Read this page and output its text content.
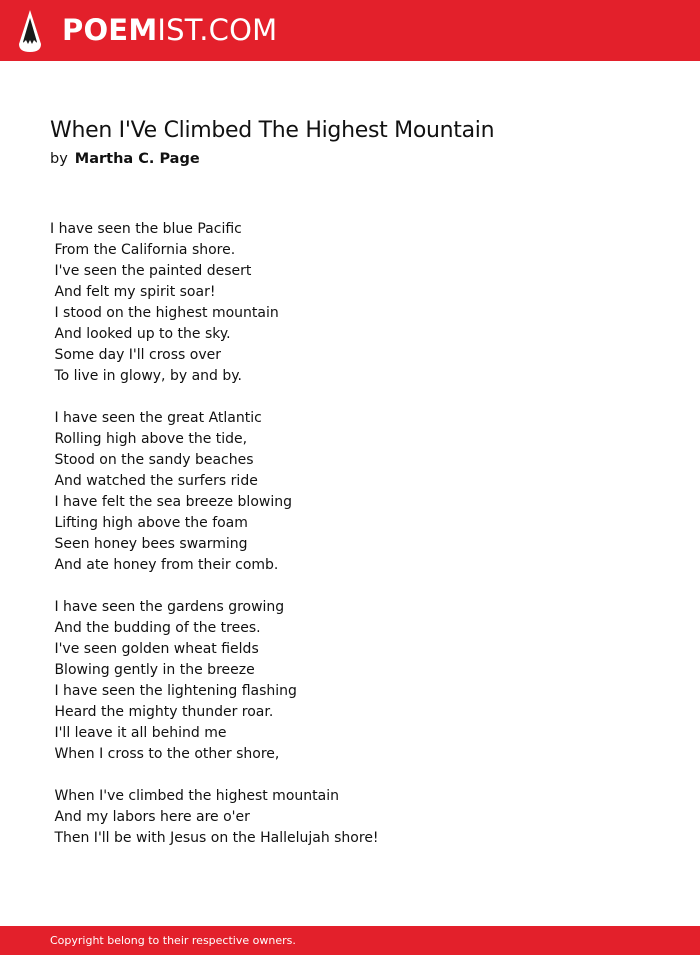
POEMIST.COM
When I'Ve Climbed The Highest Mountain
by Martha C. Page
I have seen the blue Pacific
From the California shore.
I've seen the painted desert
And felt my spirit soar!
I stood on the highest mountain
And looked up to the sky.
Some day I'll cross over
To live in glowy, by and by.
I have seen the great Atlantic
Rolling high above the tide,
Stood on the sandy beaches
And watched the surfers ride
I have felt the sea breeze blowing
Lifting high above the foam
Seen honey bees swarming
And ate honey from their comb.
I have seen the gardens growing
And the budding of the trees.
I've seen golden wheat fields
Blowing gently in the breeze
I have seen the lightening flashing
Heard the mighty thunder roar.
I'll leave it all behind me
When I cross to the other shore,
When I've climbed the highest mountain
And my labors here are o'er
Then I'll be with Jesus on the Hallelujah shore!
Copyright belong to their respective owners.
